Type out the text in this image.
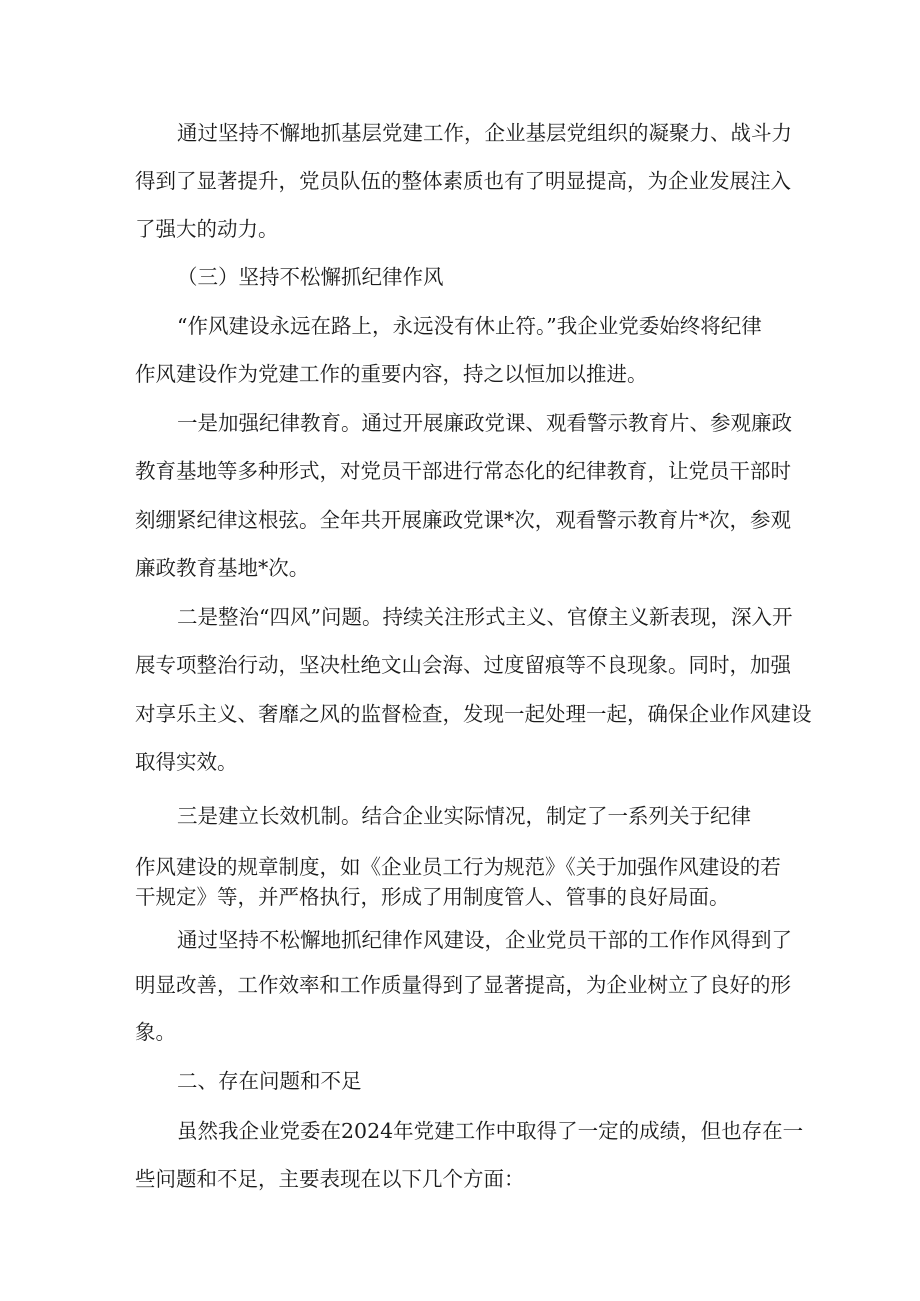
通过坚持不懈地抓基层党建工作，企业基层党组织的凝聚力、战斗力
得到了显著提升，党员队伍的整体素质也有了明显提高，为企业发展注入
了强大的动力。
（三）坚持不松懈抓纪律作风
“作风建设永远在路上，永远没有休止符。”我企业党委始终将纪律
作风建设作为党建工作的重要内容，持之以恒加以推进。
一是加强纪律教育。通过开展廉政党课、观看警示教育片、参观廉政
教育基地等多种形式，对党员干部进行常态化的纪律教育，让党员干部时
刻绷紧纪律这根弦。全年共开展廉政党课*次，观看警示教育片*次，参观
廉政教育基地*次。
二是整治“四风”问题。持续关注形式主义、官僚主义新表现，深入开
展专项整治行动，坚决杜绝文山会海、过度留痕等不良现象。同时，加强
对享乐主义、奢靡之风的监督检查，发现一起处理一起，确保企业作风建设
取得实效。
三是建立长效机制。结合企业实际情况，制定了一系列关于纪律
作风建设的规章制度，如《企业员工行为规范》《关于加强作风建设的若
干规定》等，并严格执行，形成了用制度管人、管事的良好局面。
通过坚持不松懈地抓纪律作风建设，企业党员干部的工作作风得到了
明显改善，工作效率和工作质量得到了显著提高，为企业树立了良好的形
象。
二、存在问题和不足
虽然我企业党委在2024年党建工作中取得了一定的成绩，但也存在一
些问题和不足，主要表现在以下几个方面：
